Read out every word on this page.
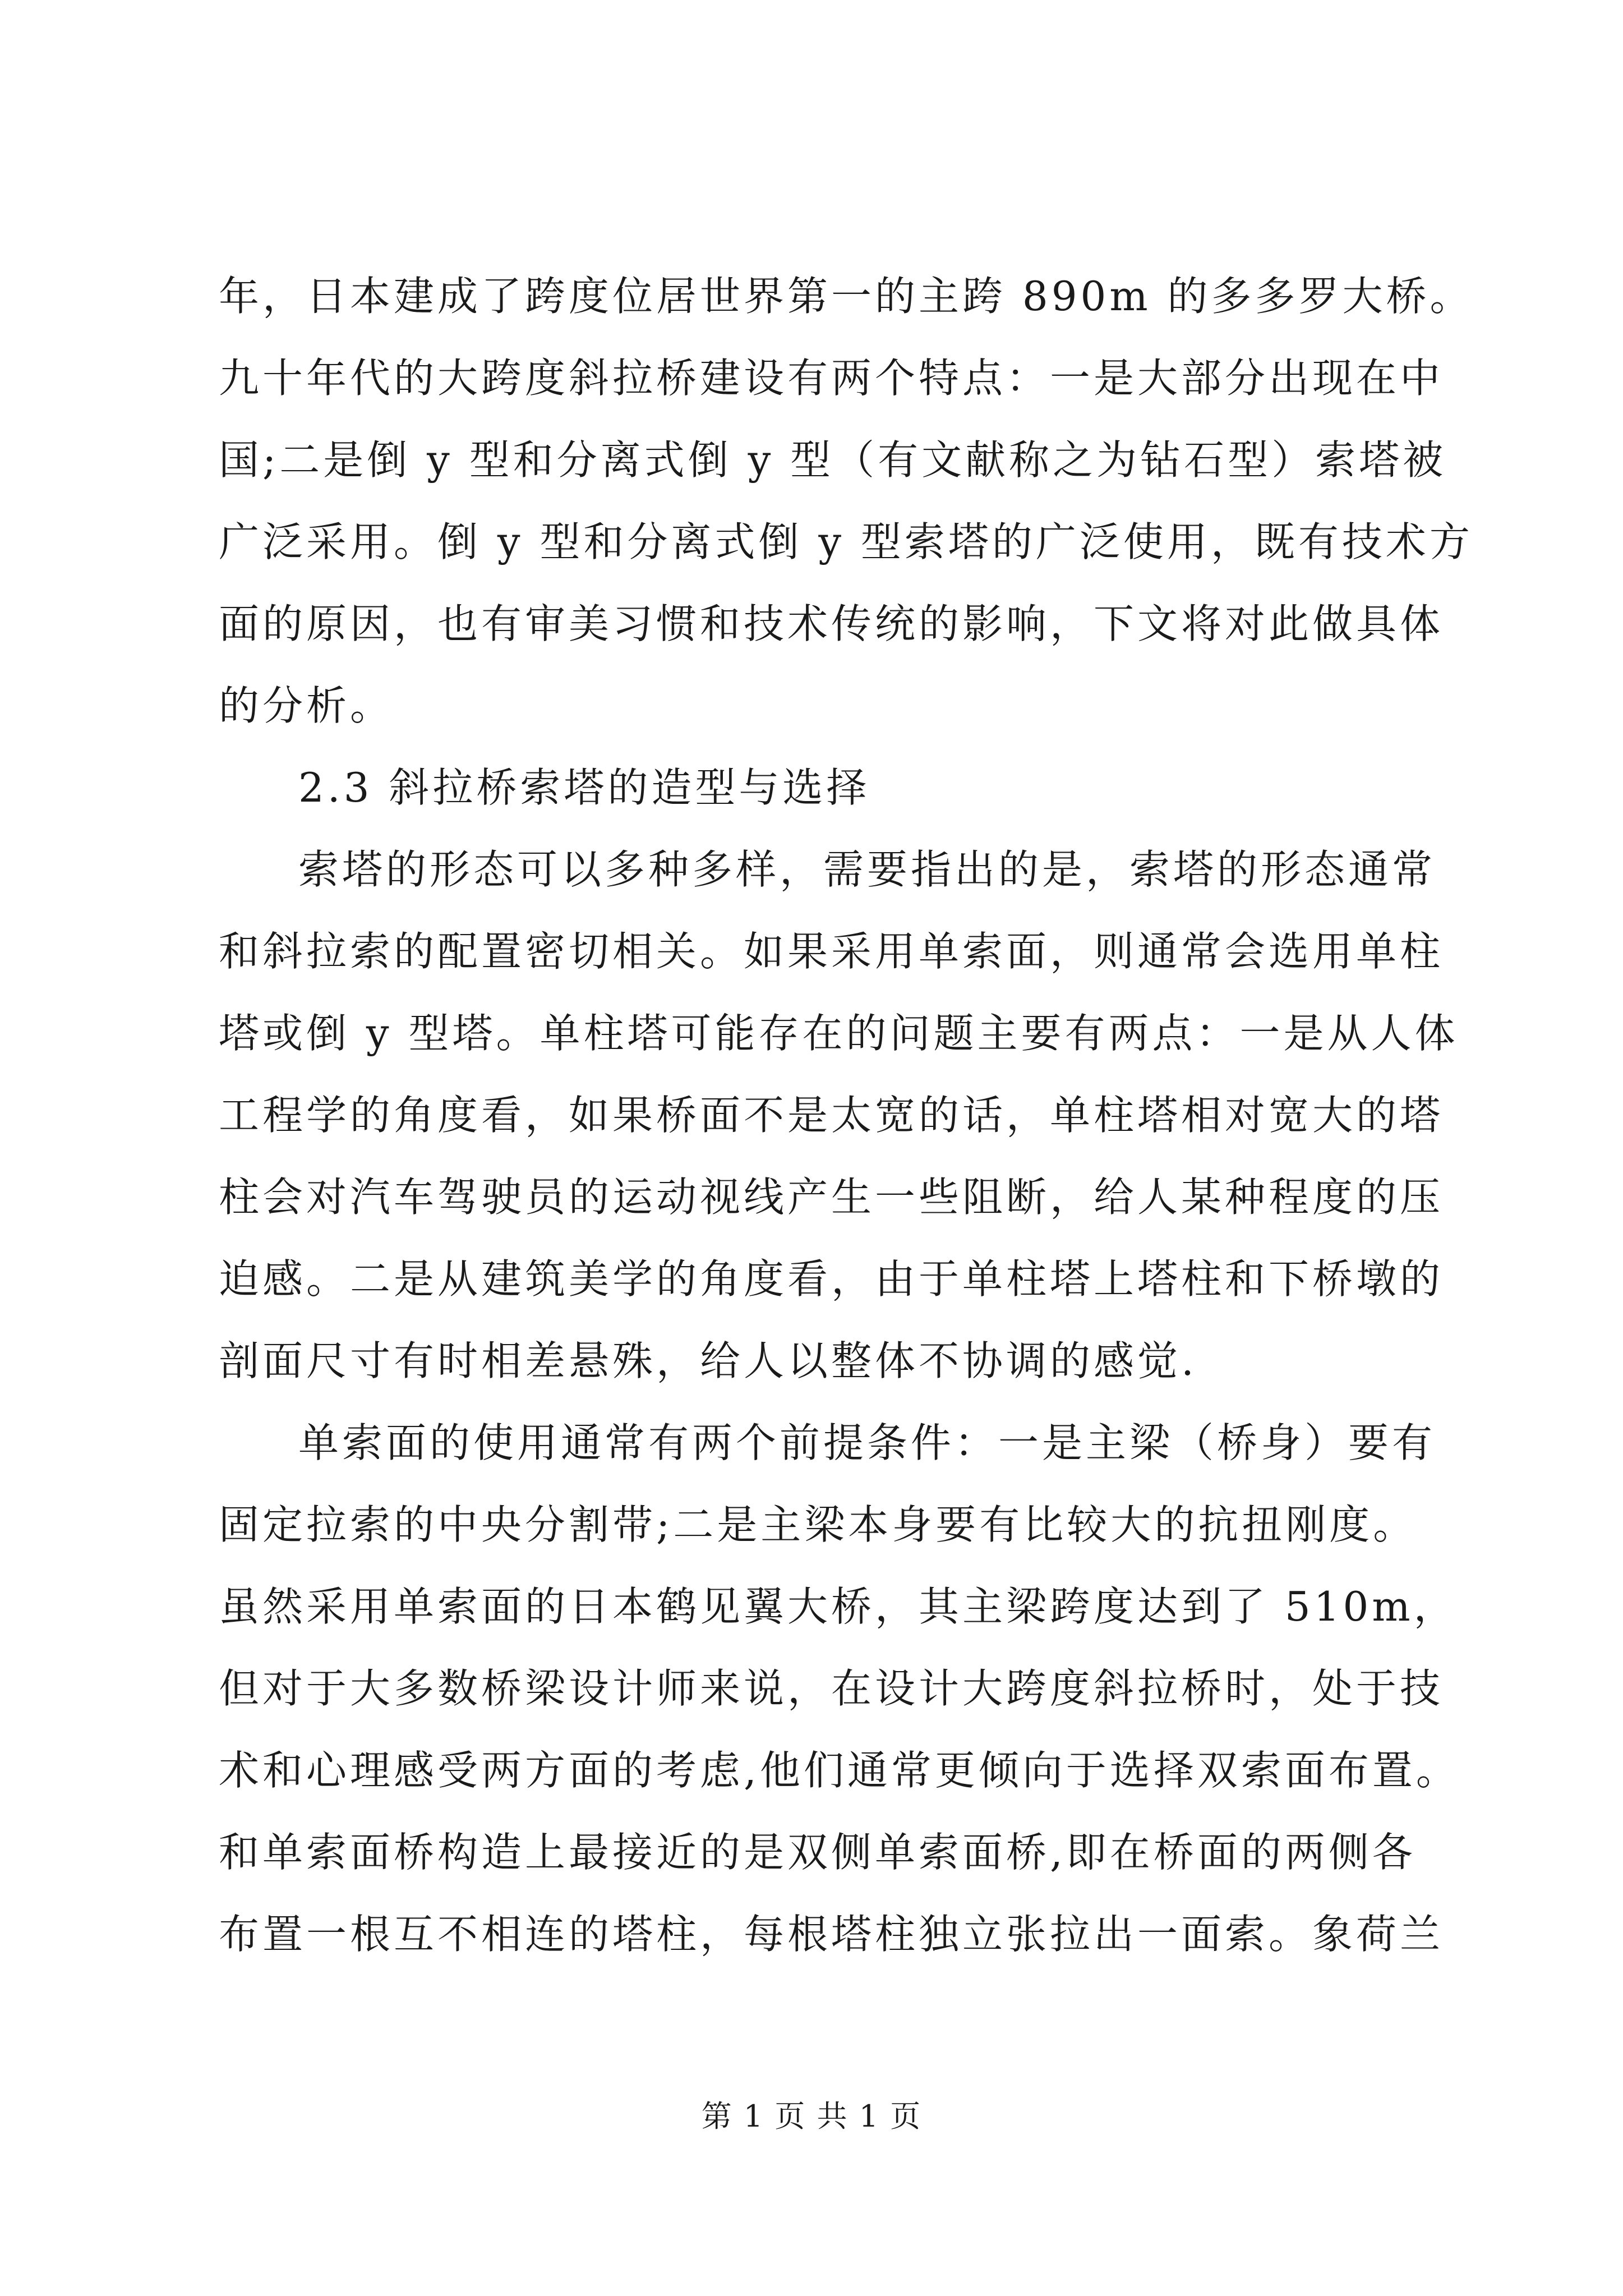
年，日本建成了跨度位居世界第一的主跨 890m 的多多罗大桥。
九十年代的大跨度斜拉桥建设有两个特点：一是大部分出现在中
国;二是倒 y 型和分离式倒 y 型（有文献称之为钻石型）索塔被
广泛采用。倒 y 型和分离式倒 y 型索塔的广泛使用，既有技术方
面的原因，也有审美习惯和技术传统的影响，下文将对此做具体
的分析。
2.3 斜拉桥索塔的造型与选择
索塔的形态可以多种多样，需要指出的是，索塔的形态通常
和斜拉索的配置密切相关。如果采用单索面，则通常会选用单柱
塔或倒 y 型塔。单柱塔可能存在的问题主要有两点：一是从人体
工程学的角度看，如果桥面不是太宽的话，单柱塔相对宽大的塔
柱会对汽车驾驶员的运动视线产生一些阻断，给人某种程度的压
迫感。二是从建筑美学的角度看，由于单柱塔上塔柱和下桥墩的
剖面尺寸有时相差悬殊，给人以整体不协调的感觉.
单索面的使用通常有两个前提条件：一是主梁（桥身）要有
固定拉索的中央分割带;二是主梁本身要有比较大的抗扭刚度。
虽然采用单索面的日本鹤见翼大桥，其主梁跨度达到了 510m，
但对于大多数桥梁设计师来说，在设计大跨度斜拉桥时，处于技
术和心理感受两方面的考虑,他们通常更倾向于选择双索面布置。
和单索面桥构造上最接近的是双侧单索面桥,即在桥面的两侧各
布置一根互不相连的塔柱，每根塔柱独立张拉出一面索。象荷兰
第 1 页 共 1 页
